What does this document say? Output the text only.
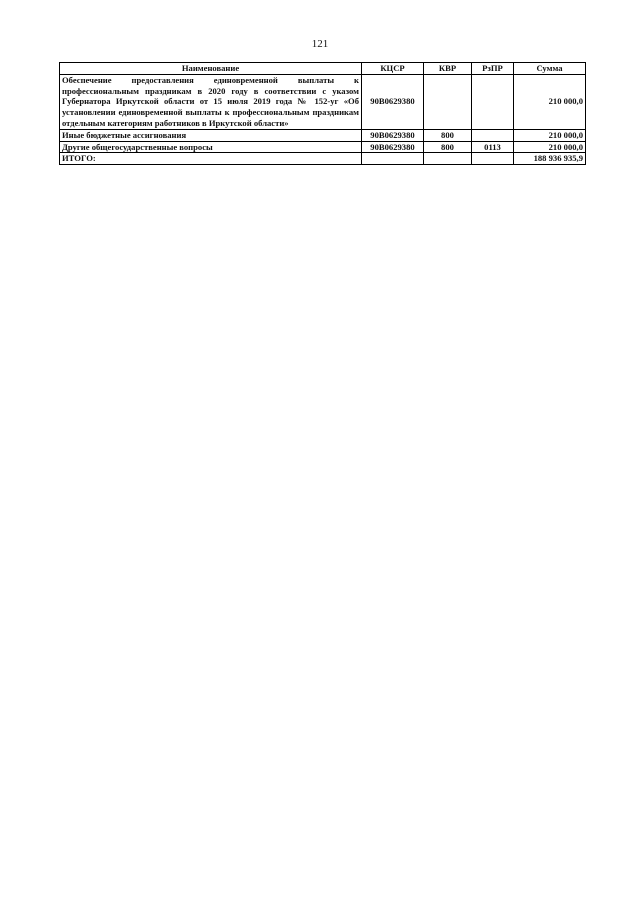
121
Наименование	КЦСР	КВР	РзПР	Сумма
Обеспечение предоставления единовременной выплаты к профессиональным праздникам в 2020 году в соответствии с указом Губернатора Иркутской области от 15 июля 2019 года № 152-уг «Об установлении единовременной выплаты к профессиональным праздникам отдельным категориям работников в Иркутской области»	90В0629380			210 000,0
Иные бюджетные ассигнования	90В0629380	800		210 000,0
Другие общегосударственные вопросы	90В0629380	800	0113	210 000,0
ИТОГО:				188 936 935,9
